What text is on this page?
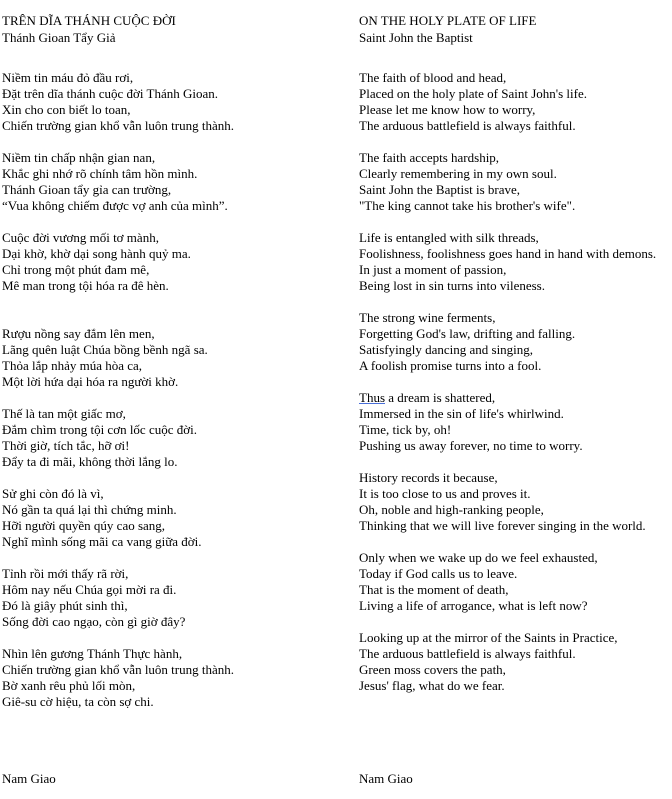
TRÊN DĨA THÁNH CUỘC ĐỜI
Thánh Gioan Tẩy Giả
Niềm tin máu đỏ đầu rơi,
Đặt trên dĩa thánh cuộc đời Thánh Gioan.
Xin cho con biết lo toan,
Chiến trường gian khổ vẫn luôn trung thành.
Niềm tin chấp nhận gian nan,
Khắc ghi nhớ rõ chính tâm hồn mình.
Thánh Gioan tẩy gỉa can trường,
“Vua không chiếm được vợ anh của mình”.
Cuộc đời vương mối tơ mành,
Dại khờ, khờ dại song hành quỷ ma.
Chỉ trong một phút đam mê,
Mê man trong tội hóa ra đê hèn.
Rượu nồng say đắm lên men,
Lãng quên luật Chúa bồng bềnh ngã sa.
Thỏa lắp nhảy múa hòa ca,
Một lời hứa dại hóa ra người khờ.
Thế là tan một giấc mơ,
Đắm chìm trong tội cơn lốc cuộc đời.
Thời giờ, tích tắc, hỡ ơi!
Đẩy ta đi mãi, không thời lắng lo.
Sử ghi còn đó là vì,
Nó gần ta quá lại thì chứng minh.
Hỡi người quyền qúy cao sang,
Nghĩ mình sống mãi ca vang giữa đời.
Tỉnh rồi mới thấy rã rời,
Hôm nay nếu Chúa gọi mời ra đi.
Đó là giây phút sinh thì,
Sống đời cao ngạo, còn gì giờ đây?
Nhìn lên gương Thánh Thực hành,
Chiến trường gian khổ vẫn luôn trung thành.
Bờ xanh rêu phủ lối mòn,
Giê-su cờ hiệu, ta còn sợ chi.
ON THE HOLY PLATE OF LIFE
Saint John the Baptist
The faith of blood and head,
Placed on the holy plate of Saint John's life.
Please let me know how to worry,
The arduous battlefield is always faithful.
The faith accepts hardship,
Clearly remembering in my own soul.
Saint John the Baptist is brave,
"The king cannot take his brother's wife".
Life is entangled with silk threads,
Foolishness, foolishness goes hand in hand with demons.
In just a moment of passion,
Being lost in sin turns into vileness.
The strong wine ferments,
Forgetting God's law, drifting and falling.
Satisfyingly dancing and singing,
A foolish promise turns into a fool.
Thus a dream is shattered,
Immersed in the sin of life's whirlwind.
Time, tick by, oh!
Pushing us away forever, no time to worry.
History records it because,
It is too close to us and proves it.
Oh, noble and high-ranking people,
Thinking that we will live forever singing in the world.
Only when we wake up do we feel exhausted,
Today if God calls us to leave.
That is the moment of death,
Living a life of arrogance, what is left now?
Looking up at the mirror of the Saints in Practice,
The arduous battlefield is always faithful.
Green moss covers the path,
Jesus' flag, what do we fear.
Nam Giao	Nam Giao
